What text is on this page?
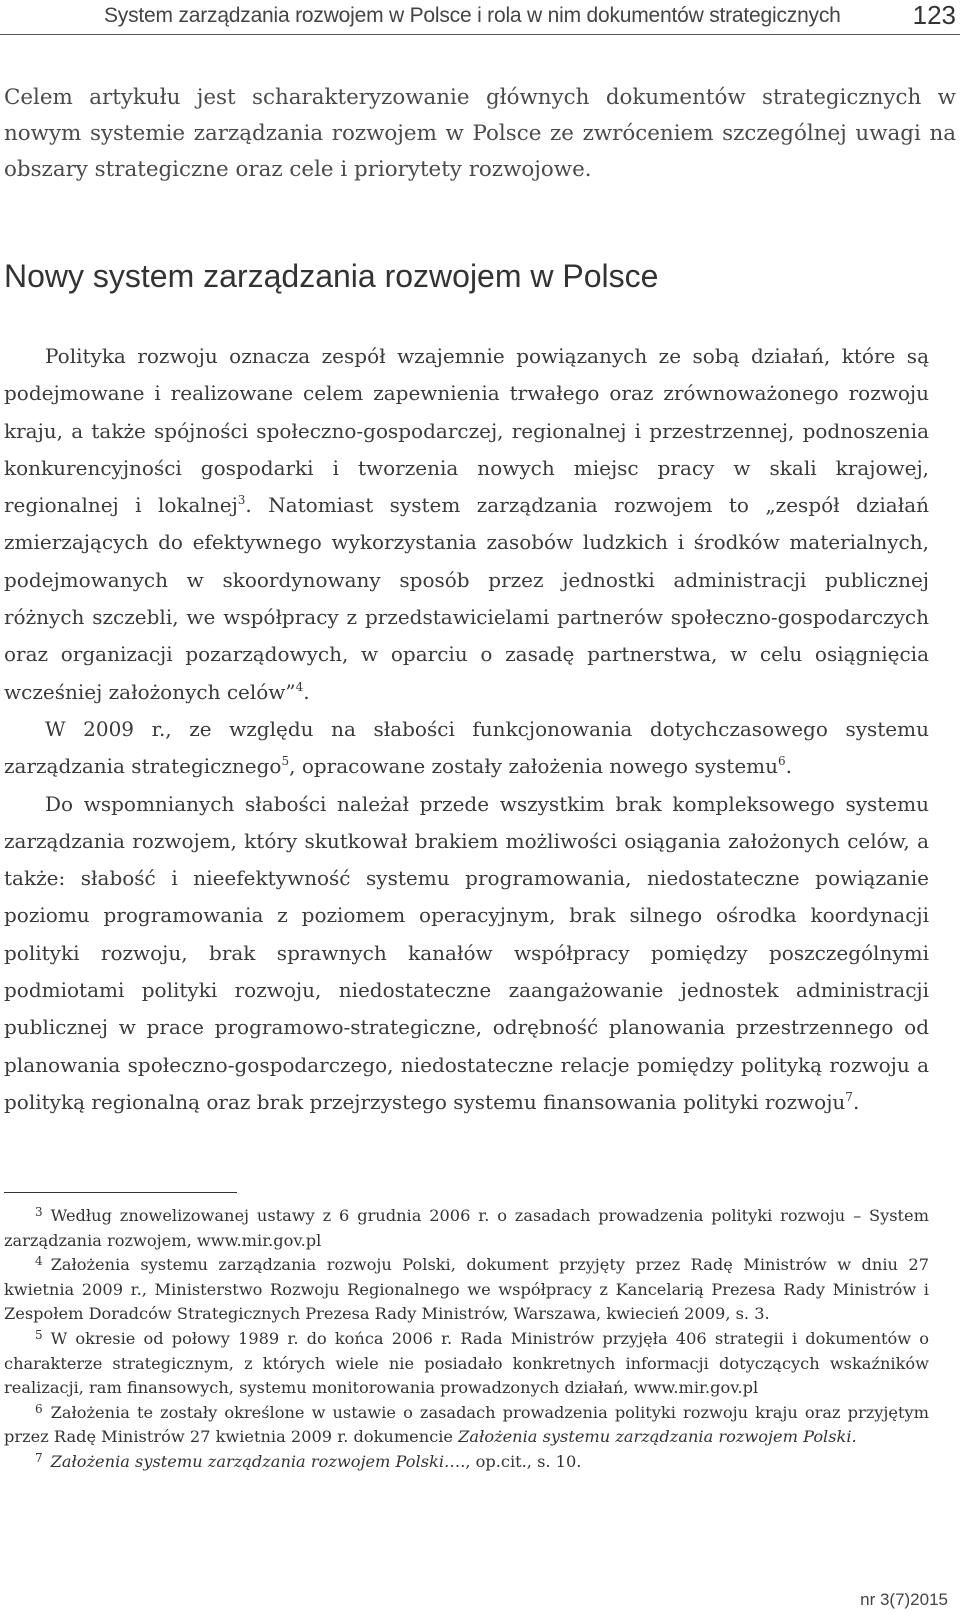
System zarządzania rozwojem w Polsce i rola w nim dokumentów strategicznych	123

Celem artykułu jest scharakteryzowanie głównych dokumentów strategicznych w nowym systemie zarządzania rozwojem w Polsce ze zwróceniem szczególnej uwagi na obszary strategiczne oraz cele i priorytety rozwojowe.

Nowy system zarządzania rozwojem w Polsce

Polityka rozwoju oznacza zespół wzajemnie powiązanych ze sobą działań, które są podejmowane i realizowane celem zapewnienia trwałego oraz zrównoważonego rozwoju kraju, a także spójności społeczno-gospodarczej, regionalnej i przestrzennej, podnoszenia konkurencyjności gospodarki i tworzenia nowych miejsc pracy w skali krajowej, regionalnej i lokalnej$^3$. Natomiast system zarządzania rozwojem to „zespół działań zmierzających do efektywnego wykorzystania zasobów ludzkich i środków materialnych, podejmowanych w skoordynowany sposób przez jednostki administracji publicznej różnych szczebli, we współpracy z przedstawicielami partnerów społeczno-gospodarczych oraz organizacji pozarządowych, w oparciu o zasadę partnerstwa, w celu osiągnięcia wcześniej założonych celów”$^4$.

W 2009 r., ze względu na słabości funkcjonowania dotychczasowego systemu zarządzania strategicznego$^5$, opracowane zostały założenia nowego systemu$^6$.

Do wspomnianych słabości należał przede wszystkim brak kompleksowego systemu zarządzania rozwojem, który skutkował brakiem możliwości osiągania założonych celów, a także: słabość i nieefektywność systemu programowania, niedostateczne powiązanie poziomu programowania z poziomem operacyjnym, brak silnego ośrodka koordynacji polityki rozwoju, brak sprawnych kanałów współpracy pomiędzy poszczególnymi podmiotami polityki rozwoju, niedostateczne zaangażowanie jednostek administracji publicznej w prace programowo-strategiczne, odrębność planowania przestrzennego od planowania społeczno-gospodarczego, niedostateczne relacje pomiędzy polityką rozwoju a polityką regionalną oraz brak przejrzystego systemu finansowania polityki rozwoju$^7$.

$^3$ Według znowelizowanej ustawy z 6 grudnia 2006 r. o zasadach prowadzenia polityki rozwoju – System zarządzania rozwojem, www.mir.gov.pl

$^4$ Założenia systemu zarządzania rozwoju Polski, dokument przyjęty przez Radę Ministrów w dniu 27 kwietnia 2009 r., Ministerstwo Rozwoju Regionalnego we współpracy z Kancelarią Prezesa Rady Ministrów i Zespołem Doradców Strategicznych Prezesa Rady Ministrów, Warszawa, kwiecień 2009, s. 3.

$^5$ W okresie od połowy 1989 r. do końca 2006 r. Rada Ministrów przyjęła 406 strategii i dokumentów o charakterze strategicznym, z których wiele nie posiadało konkretnych informacji dotyczących wskaźników realizacji, ram finansowych, systemu monitorowania prowadzonych działań, www.mir.gov.pl

$^6$ Założenia te zostały określone w ustawie o zasadach prowadzenia polityki rozwoju kraju oraz przyjętym przez Radę Ministrów 27 kwietnia 2009 r. dokumencie Założenia systemu zarządzania rozwojem Polski.

$^7$ Założenia systemu zarządzania rozwojem Polski…., op.cit., s. 10.

nr 3(7)2015
